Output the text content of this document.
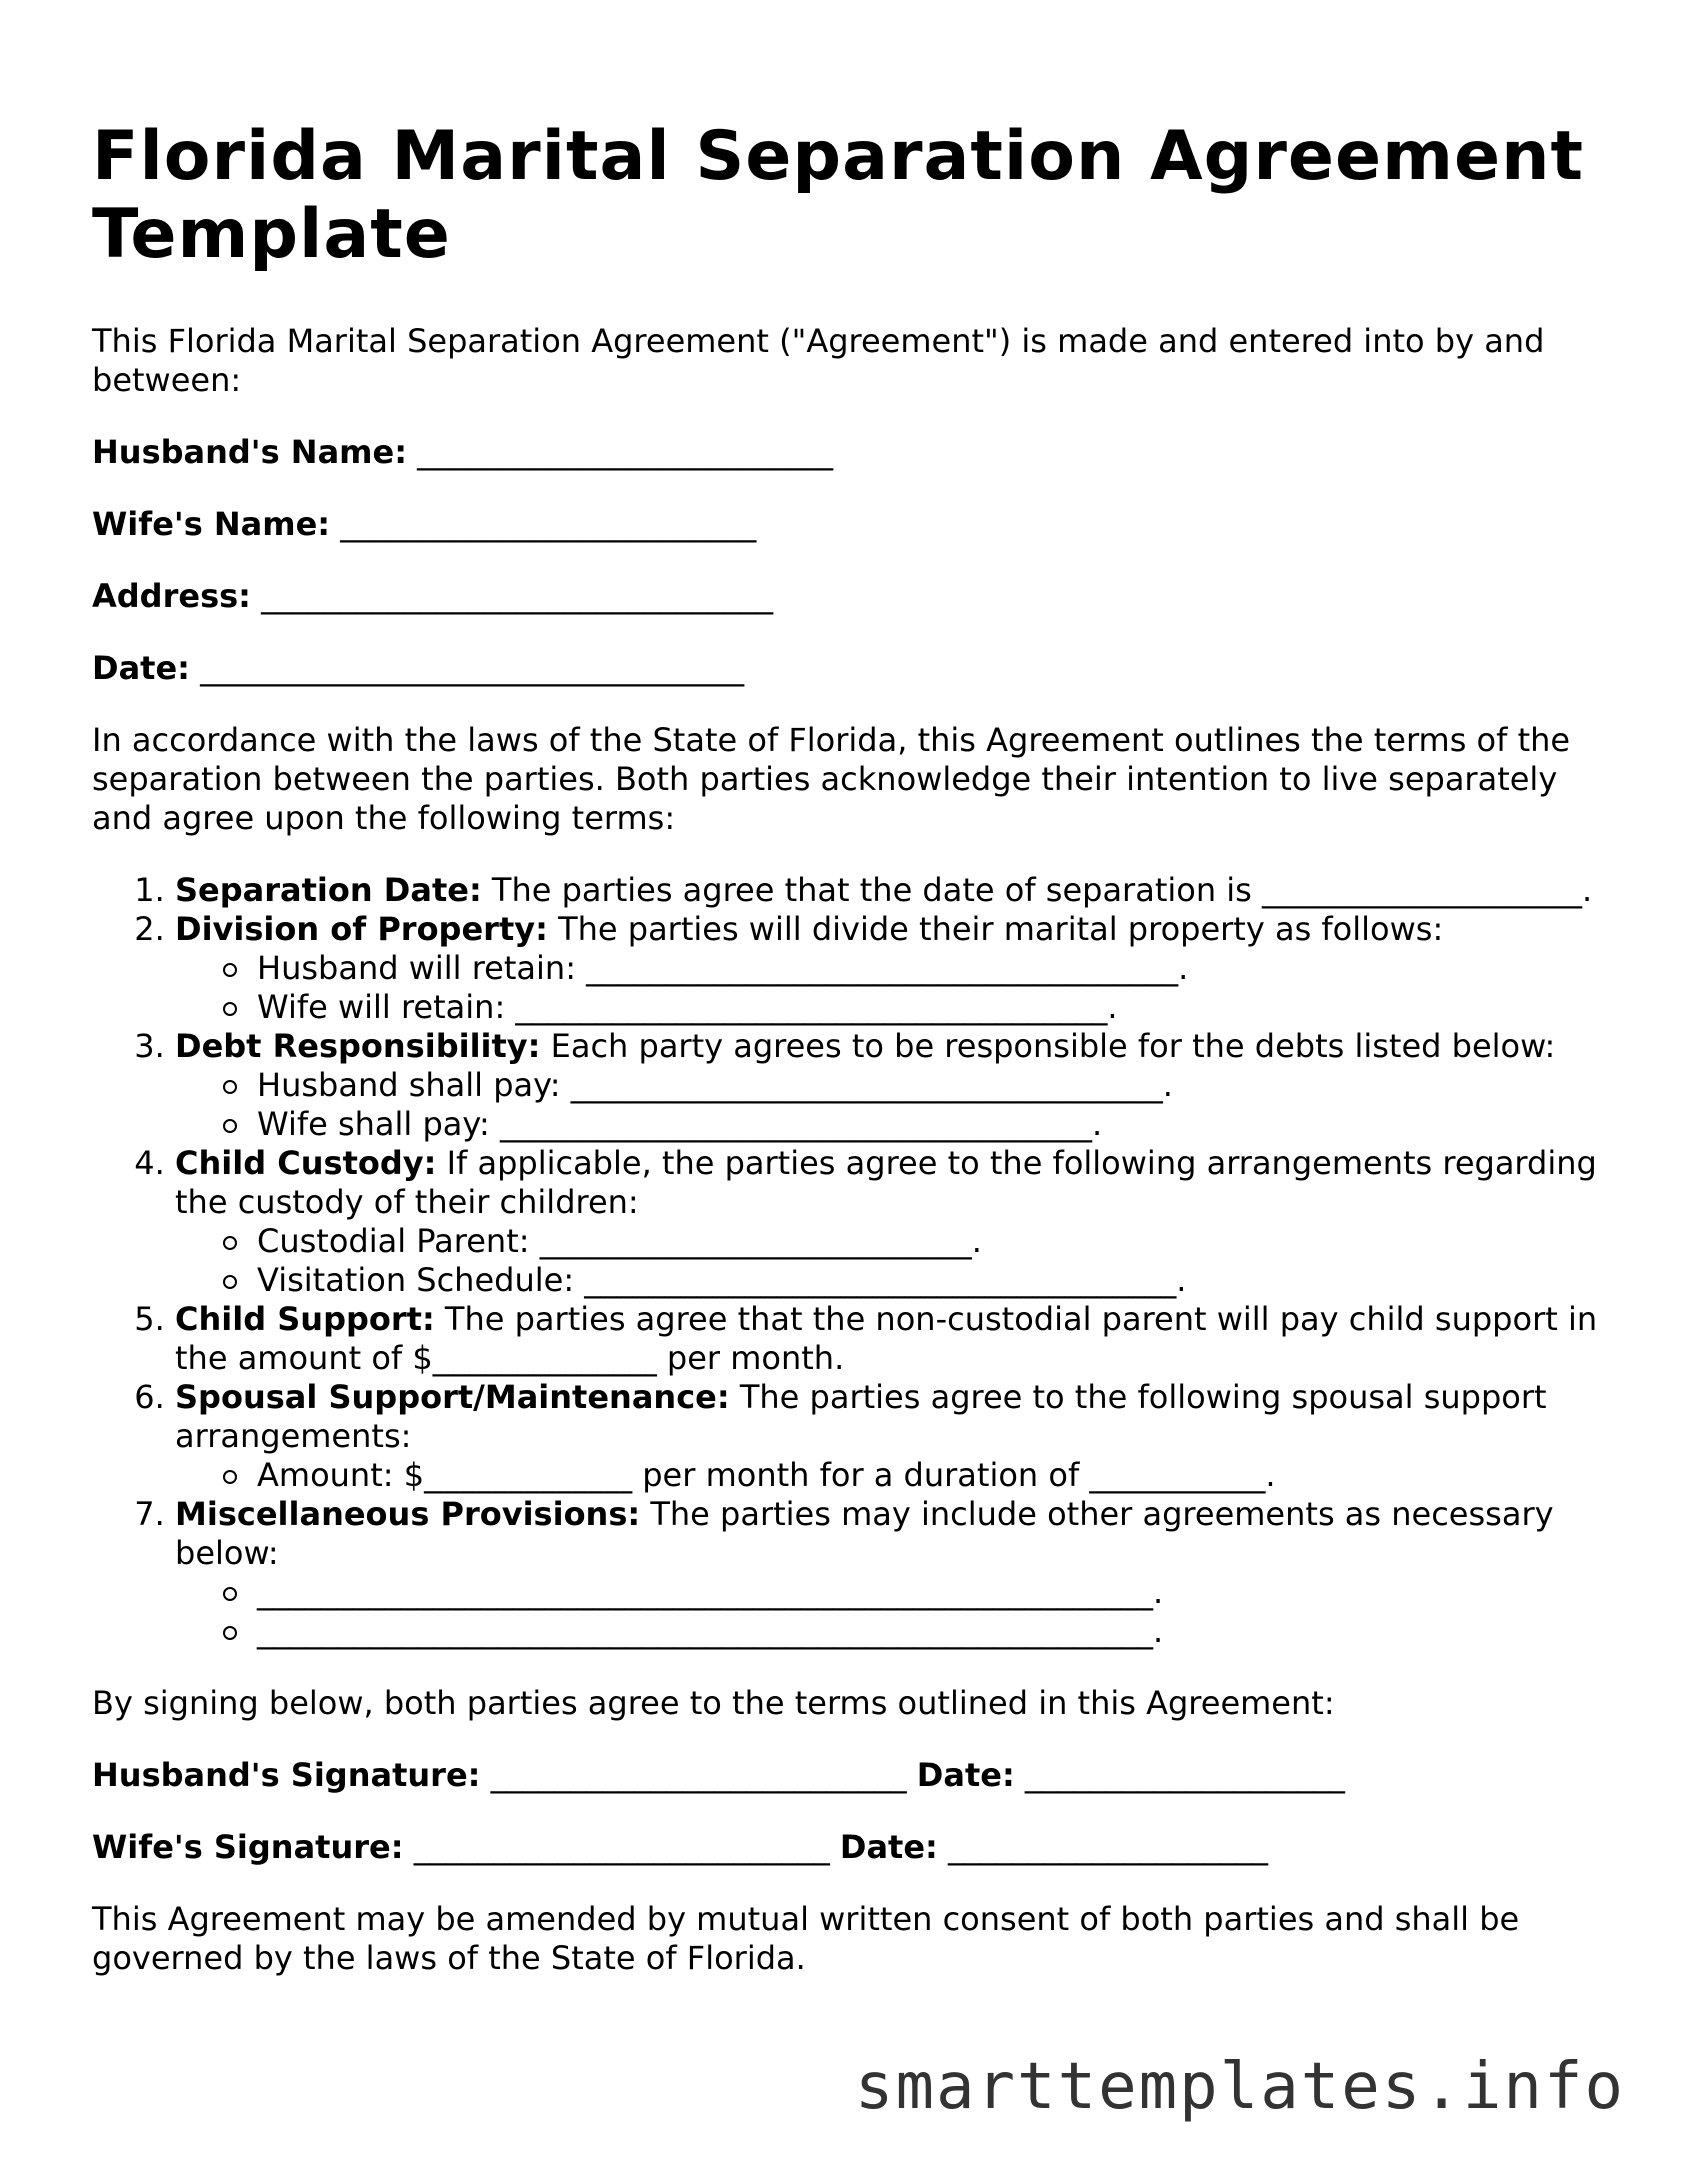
Florida Marital Separation Agreement Template

This Florida Marital Separation Agreement ("Agreement") is made and entered into by and between:

Husband's Name: __________________________
Wife's Name: __________________________
Address: ________________________________
Date: __________________________________

In accordance with the laws of the State of Florida, this Agreement outlines the terms of the separation between the parties. Both parties acknowledge their intention to live separately and agree upon the following terms:

1. Separation Date: The parties agree that the date of separation is ____________________.
2. Division of Property: The parties will divide their marital property as follows:
Husband will retain: _____________________________________.
Wife will retain: _____________________________________.
3. Debt Responsibility: Each party agrees to be responsible for the debts listed below:
Husband shall pay: _____________________________________.
Wife shall pay: _____________________________________.
4. Child Custody: If applicable, the parties agree to the following arrangements regarding the custody of their children:
Custodial Parent: ___________________________.
Visitation Schedule: _____________________________________.
5. Child Support: The parties agree that the non-custodial parent will pay child support in the amount of $______________ per month.
6. Spousal Support/Maintenance: The parties agree to the following spousal support arrangements:
Amount: $_____________ per month for a duration of ___________.
7. Miscellaneous Provisions: The parties may include other agreements as necessary below:
________________________________________________________.
________________________________________________________.

By signing below, both parties agree to the terms outlined in this Agreement:

Husband's Signature: __________________________ Date: ____________________
Wife's Signature: __________________________ Date: ____________________

This Agreement may be amended by mutual written consent of both parties and shall be governed by the laws of the State of Florida.

smarttemplates.info
